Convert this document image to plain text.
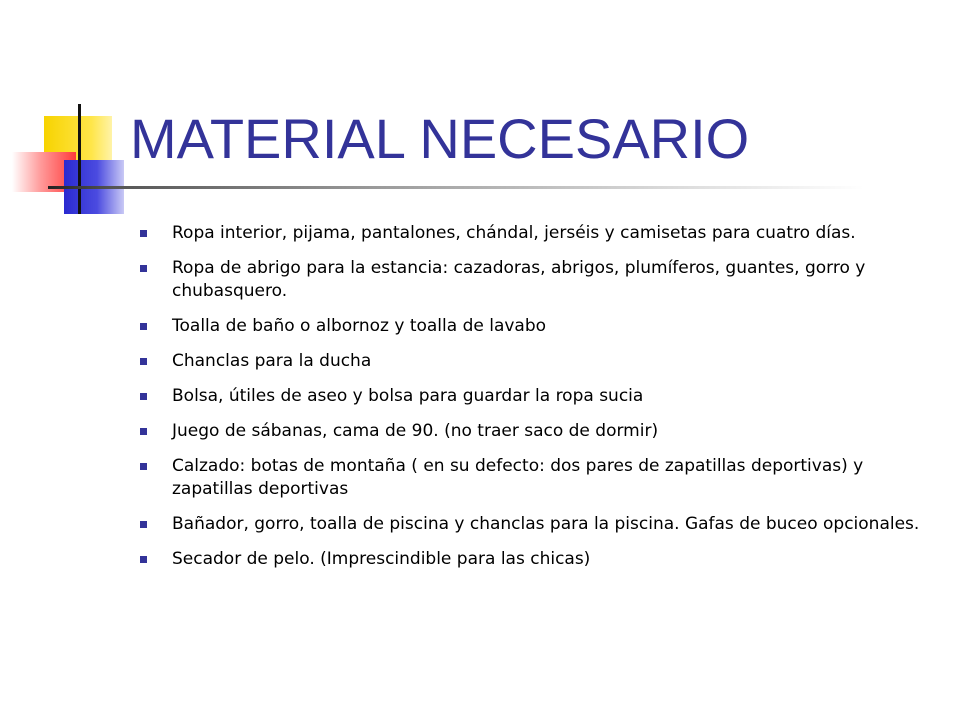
MATERIAL NECESARIO
Ropa interior, pijama, pantalones, chándal, jerséis y camisetas para cuatro días.
Ropa de abrigo para la estancia: cazadoras, abrigos, plumíferos, guantes, gorro y chubasquero.
Toalla de baño o albornoz y toalla de lavabo
Chanclas para la ducha
Bolsa, útiles de aseo y bolsa para guardar la ropa sucia
Juego de sábanas, cama de 90. (no traer saco de dormir)
Calzado: botas de montaña ( en su defecto: dos pares de zapatillas deportivas) y zapatillas deportivas
Bañador, gorro, toalla de piscina y chanclas para la piscina. Gafas de buceo opcionales.
Secador de pelo. (Imprescindible para las chicas)
